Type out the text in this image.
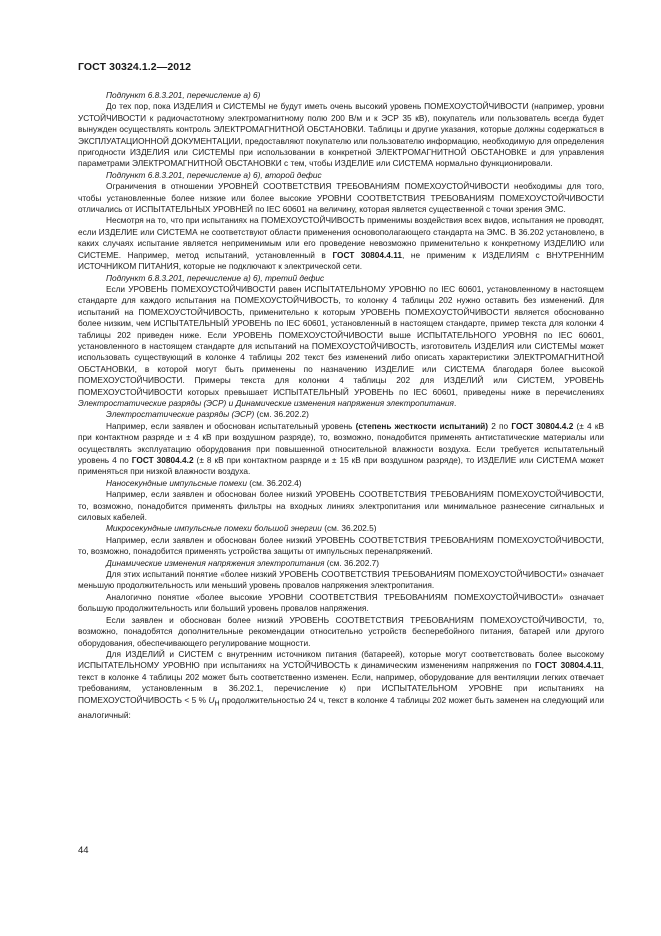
ГОСТ 30324.1.2—2012

Подпункт 6.8.3.201, перечисление а) 6)

До тех пор, пока ИЗДЕЛИЯ и СИСТЕМЫ не будут иметь очень высокий уровень ПОМЕХОУСТОЙЧИВОСТИ (например, уровни УСТОЙЧИВОСТИ к радиочастотному электромагнитному полю 200 В/м и к ЭСР 35 кВ), покупатель или пользователь всегда будет вынужден осуществлять контроль ЭЛЕКТРОМАГНИТНОЙ ОБСТАНОВКИ. Таблицы и другие указания, которые должны содержаться в ЭКСПЛУАТАЦИОННОЙ ДОКУМЕНТАЦИИ, предоставляют покупателю или пользователю информацию, необходимую для определения пригодности ИЗДЕЛИЯ или СИСТЕМЫ при использовании в конкретной ЭЛЕКТРОМАГНИТНОЙ ОБСТАНОВКЕ и для управления параметрами ЭЛЕКТРОМАГНИТНОЙ ОБСТАНОВКИ с тем, чтобы ИЗДЕЛИЕ или СИСТЕМА нормально функционировали.

Подпункт 6.8.3.201, перечисление а) 6), второй дефис

Ограничения в отношении УРОВНЕЙ СООТВЕТСТВИЯ ТРЕБОВАНИЯМ ПОМЕХОУСТОЙЧИВОСТИ необходимы для того, чтобы установленные более низкие или более высокие УРОВНИ СООТВЕТСТВИЯ ТРЕБОВАНИЯМ ПОМЕХОУСТОЙЧИВОСТИ отличались от ИСПЫТАТЕЛЬНЫХ УРОВНЕЙ по IEC 60601 на величину, которая является существенной с точки зрения ЭМС.

Несмотря на то, что при испытаниях на ПОМЕХОУСТОЙЧИВОСТЬ применимы воздействия всех видов, испытания не проводят, если ИЗДЕЛИЕ или СИСТЕМА не соответствуют области применения основополагающего стандарта на ЭМС. В 36.202 установлено, в каких случаях испытание является неприменимым или его проведение невозможно применительно к конкретному ИЗДЕЛИЮ или СИСТЕМЕ. Например, метод испытаний, установленный в ГОСТ 30804.4.11, не применим к ИЗДЕЛИЯМ с ВНУТРЕННИМ ИСТОЧНИКОМ ПИТАНИЯ, которые не подключают к электрической сети.

Подпункт 6.8.3.201, перечисление а) 6), третий дефис

Если УРОВЕНЬ ПОМЕХОУСТОЙЧИВОСТИ равен ИСПЫТАТЕЛЬНОМУ УРОВНЮ по IEC 60601, установленному в настоящем стандарте для каждого испытания на ПОМЕХОУСТОЙЧИВОСТЬ, то колонку 4 таблицы 202 нужно оставить без изменений. Для испытаний на ПОМЕХОУСТОЙЧИВОСТЬ, применительно к которым УРОВЕНЬ ПОМЕХОУСТОЙЧИВОСТИ является обоснованно более низким, чем ИСПЫТАТЕЛЬНЫЙ УРОВЕНЬ по IEC 60601, установленный в настоящем стандарте, пример текста для колонки 4 таблицы 202 приведен ниже. Если УРОВЕНЬ ПОМЕХОУСТОЙЧИВОСТИ выше ИСПЫТАТЕЛЬНОГО УРОВНЯ по IEC 60601, установленного в настоящем стандарте для испытаний на ПОМЕХОУСТОЙЧИВОСТЬ, изготовитель ИЗДЕЛИЯ или СИСТЕМЫ может использовать существующий в колонке 4 таблицы 202 текст без изменений либо описать характеристики ЭЛЕКТРОМАГНИТНОЙ ОБСТАНОВКИ, в которой могут быть применены по назначению ИЗДЕЛИЕ или СИСТЕМА благодаря более высокой ПОМЕХОУСТОЙЧИВОСТИ. Примеры текста для колонки 4 таблицы 202 для ИЗДЕЛИЙ или СИСТЕМ, УРОВЕНЬ ПОМЕХОУСТОЙЧИВОСТИ которых превышает ИСПЫТАТЕЛЬНЫЙ УРОВЕНЬ по IEC 60601, приведены ниже в перечислениях Электростатические разряды (ЭСР) и Динамические изменения напряжения электропитания.

Электростатические разряды (ЭСР) (см. 36.202.2)

Например, если заявлен и обоснован испытательный уровень (степень жесткости испытаний) 2 по ГОСТ 30804.4.2 (± 4 кВ при контактном разряде и ± 4 кВ при воздушном разряде), то, возможно, понадобится применять антистатические материалы или осуществлять эксплуатацию оборудования при повышенной относительной влажности воздуха. Если требуется испытательный уровень 4 по ГОСТ 30804.4.2 (± 8 кВ при контактном разряде и ± 15 кВ при воздушном разряде), то ИЗДЕЛИЕ или СИСТЕМА может применяться при низкой влажности воздуха.

Наносекундные импульсные помехи (см. 36.202.4)

Например, если заявлен и обоснован более низкий УРОВЕНЬ СООТВЕТСТВИЯ ТРЕБОВАНИЯМ ПОМЕХОУСТОЙЧИВОСТИ, то, возможно, понадобится применять фильтры на входных линиях электропитания или минимальное разнесение сигнальных и силовых кабелей.

Микросекундные импульсные помехи большой энергии (см. 36.202.5)

Например, если заявлен и обоснован более низкий УРОВЕНЬ СООТВЕТСТВИЯ ТРЕБОВАНИЯМ ПОМЕХОУСТОЙЧИВОСТИ, то, возможно, понадобится применять устройства защиты от импульсных перенапряжений.

Динамические изменения напряжения электропитания (см. 36.202.7)

Для этих испытаний понятие «более низкий УРОВЕНЬ СООТВЕТСТВИЯ ТРЕБОВАНИЯМ ПОМЕХОУСТОЙЧИВОСТИ» означает меньшую продолжительность или меньший уровень провалов напряжения электропитания.

Аналогично понятие «более высокие УРОВНИ СООТВЕТСТВИЯ ТРЕБОВАНИЯМ ПОМЕХОУСТОЙЧИВОСТИ» означает большую продолжительность или больший уровень провалов напряжения.

Если заявлен и обоснован более низкий УРОВЕНЬ СООТВЕТСТВИЯ ТРЕБОВАНИЯМ ПОМЕХОУСТОЙЧИВОСТИ, то, возможно, понадобятся дополнительные рекомендации относительно устройств бесперебойного питания, батарей или другого оборудования, обеспечивающего регулирование мощности.

Для ИЗДЕЛИЙ и СИСТЕМ с внутренним источником питания (батареей), которые могут соответствовать более высокому ИСПЫТАТЕЛЬНОМУ УРОВНЮ при испытаниях на УСТОЙЧИВОСТЬ к динамическим изменениям напряжения по ГОСТ 30804.4.11, текст в колонке 4 таблицы 202 может быть соответственно изменен. Если, например, оборудование для вентиляции легких отвечает требованиям, установленным в 36.202.1, перечисление к) при ИСПЫТАТЕЛЬНОМ УРОВНЕ при испытаниях на ПОМЕХОУСТОЙЧИВОСТЬ < 5 % $U_Н$ продолжительностью 24 ч, текст в колонке 4 таблицы 202 может быть заменен на следующий или аналогичный:

44
